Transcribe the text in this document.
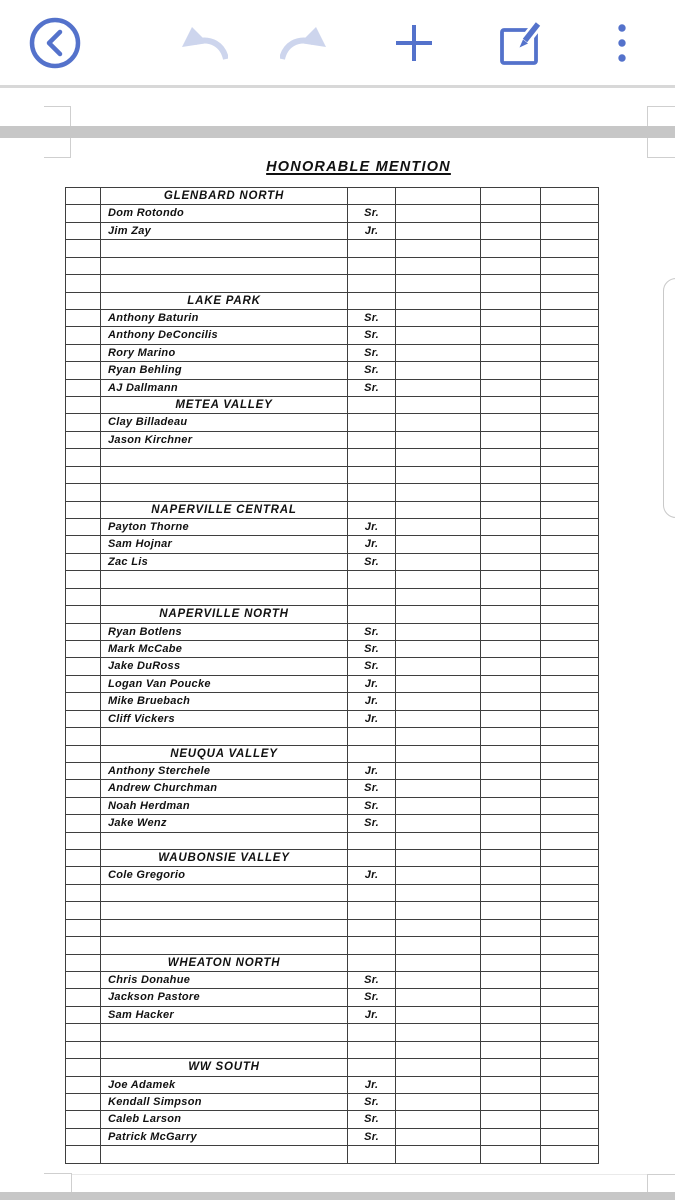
HONORABLE MENTION
GLENBARD NORTH
Dom Rotondo	Sr.
Jim Zay	Jr.
LAKE PARK
Anthony Baturin	Sr.
Anthony DeConcilis	Sr.
Rory Marino	Sr.
Ryan Behling	Sr.
AJ Dallmann	Sr.
METEA VALLEY
Clay Billadeau
Jason Kirchner
NAPERVILLE CENTRAL
Payton Thorne	Jr.
Sam Hojnar	Jr.
Zac Lis	Sr.
NAPERVILLE NORTH
Ryan Botlens	Sr.
Mark McCabe	Sr.
Jake DuRoss	Sr.
Logan Van Poucke	Jr.
Mike Bruebach	Jr.
Cliff Vickers	Jr.
NEUQUA VALLEY
Anthony Sterchele	Jr.
Andrew Churchman	Sr.
Noah Herdman	Sr.
Jake Wenz	Sr.
WAUBONSIE VALLEY
Cole Gregorio	Jr.
WHEATON NORTH
Chris Donahue	Sr.
Jackson Pastore	Sr.
Sam Hacker	Jr.
WW SOUTH
Joe Adamek	Jr.
Kendall Simpson	Sr.
Caleb Larson	Sr.
Patrick McGarry	Sr.
